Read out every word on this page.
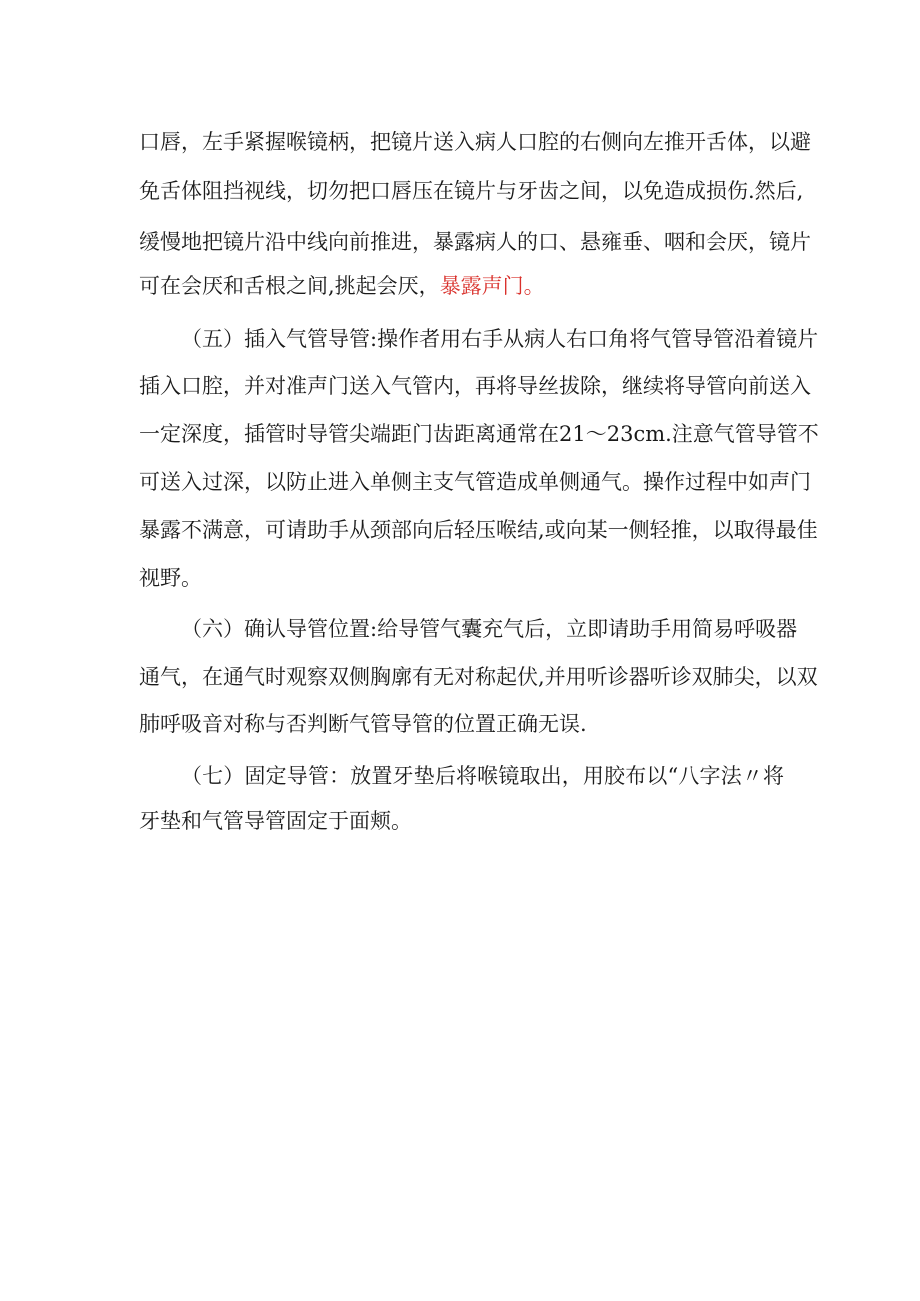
口唇，左手紧握喉镜柄，把镜片送入病人口腔的右侧向左推开舌体，以避
免舌体阻挡视线，切勿把口唇压在镜片与牙齿之间，以免造成损伤.然后,
缓慢地把镜片沿中线向前推进，暴露病人的口、悬雍垂、咽和会厌，镜片
可在会厌和舌根之间,挑起会厌，暴露声门。
（五）插入气管导管:操作者用右手从病人右口角将气管导管沿着镜片
插入口腔，并对准声门送入气管内，再将导丝拔除，继续将导管向前送入
一定深度，插管时导管尖端距门齿距离通常在21～23cm.注意气管导管不
可送入过深，以防止进入单侧主支气管造成单侧通气。操作过程中如声门
暴露不满意，可请助手从颈部向后轻压喉结,或向某一侧轻推，以取得最佳
视野。
（六）确认导管位置:给导管气囊充气后，立即请助手用简易呼吸器
通气，在通气时观察双侧胸廓有无对称起伏,并用听诊器听诊双肺尖，以双
肺呼吸音对称与否判断气管导管的位置正确无误.
（七）固定导管：放置牙垫后将喉镜取出，用胶布以“八字法〃将
牙垫和气管导管固定于面颊。
